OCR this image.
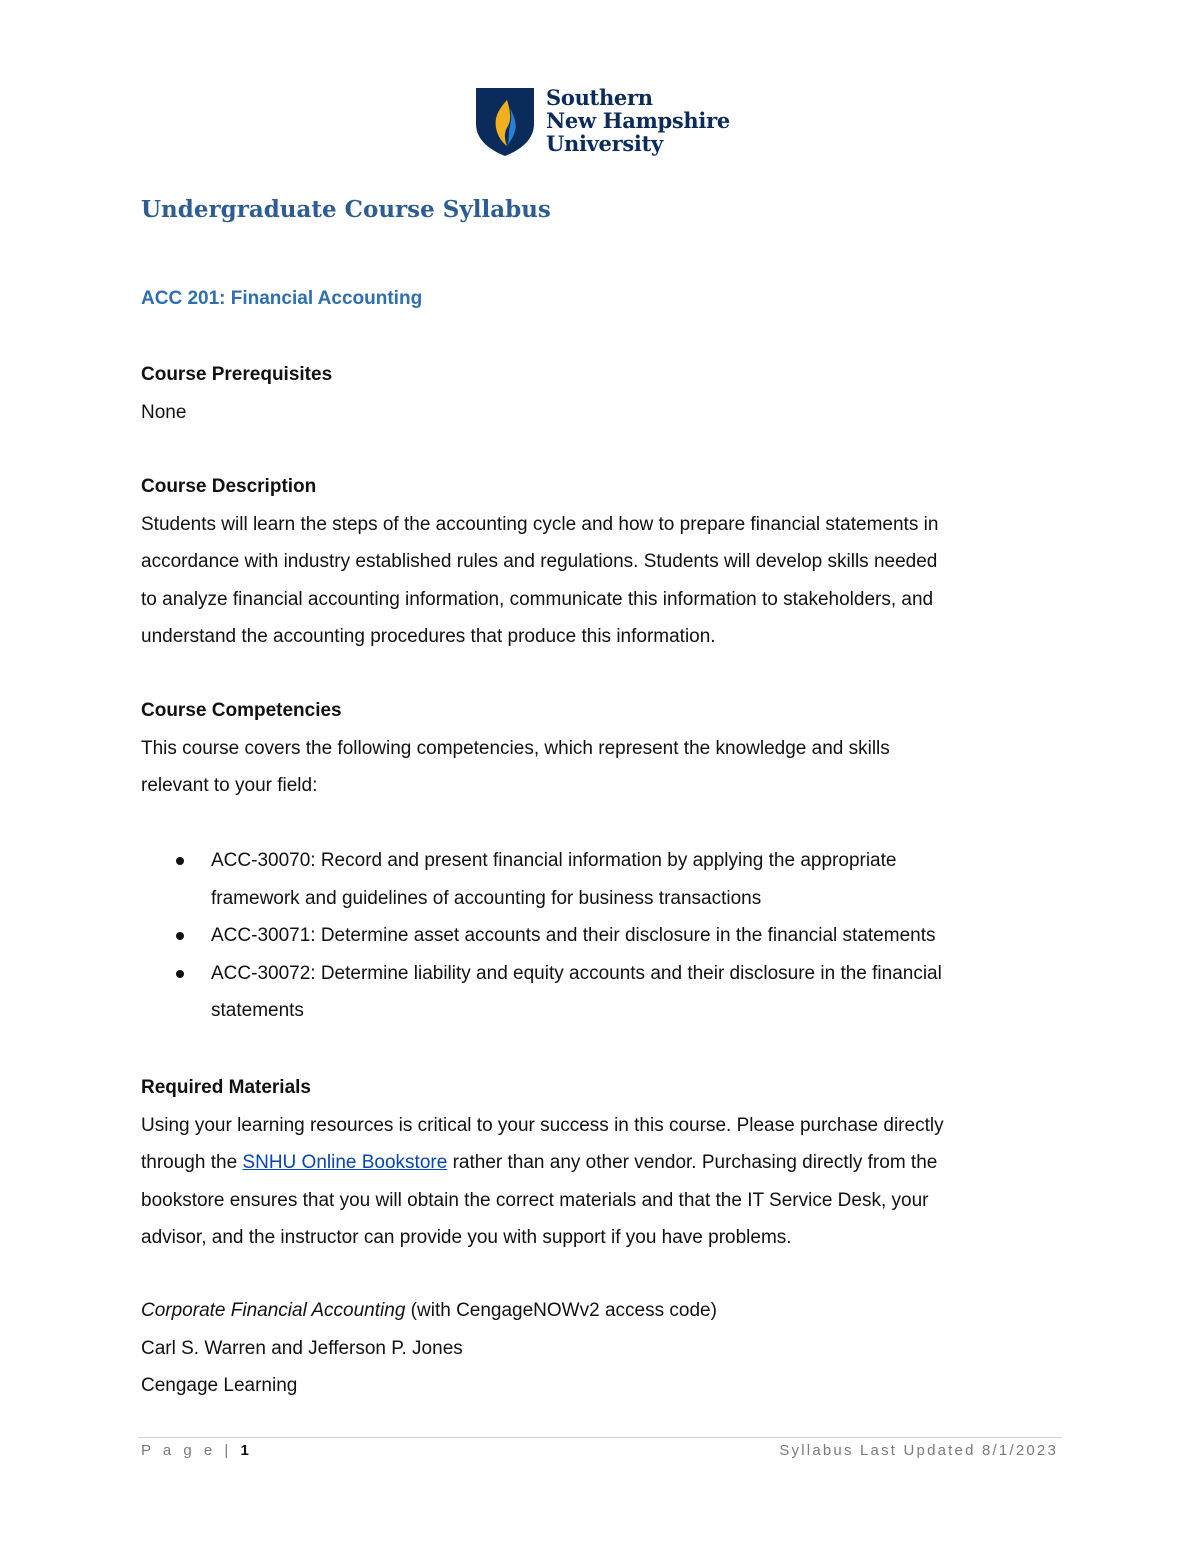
Southern
New Hampshire
University
Undergraduate Course Syllabus
ACC 201: Financial Accounting

Course Prerequisites

None

Course Description

Students will learn the steps of the accounting cycle and how to prepare financial statements in

accordance with industry established rules and regulations. Students will develop skills needed

to analyze financial accounting information, communicate this information to stakeholders, and

understand the accounting procedures that produce this information.

Course Competencies

This course covers the following competencies, which represent the knowledge and skills

relevant to your field:

ACC-30070: Record and present financial information by applying the appropriate
framework and guidelines of accounting for business transactions
ACC-30071: Determine asset accounts and their disclosure in the financial statements
ACC-30072: Determine liability and equity accounts and their disclosure in the financial
statements

Required Materials

Using your learning resources is critical to your success in this course. Please purchase directly

through the SNHU Online Bookstore rather than any other vendor. Purchasing directly from the

bookstore ensures that you will obtain the correct materials and that the IT Service Desk, your

advisor, and the instructor can provide you with support if you have problems.

Corporate Financial Accounting (with CengageNOWv2 access code)

Carl S. Warren and Jefferson P. Jones

Cengage Learning

P a g e | 1	Syllabus Last Updated 8/1/2023
